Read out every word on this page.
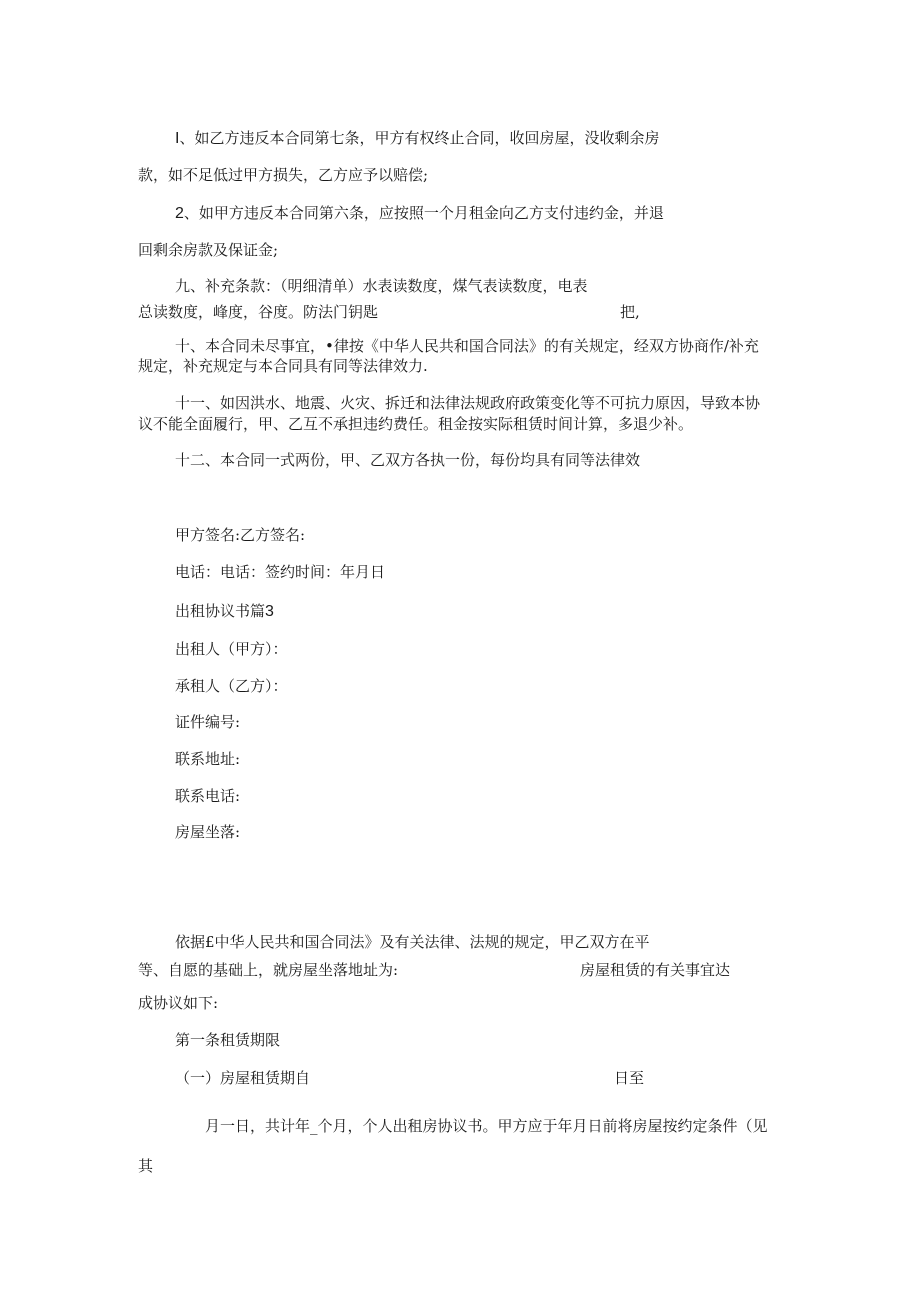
I、如乙方违反本合同第七条，甲方有权终止合同，收回房屋，没收剩余房
款，如不足低过甲方损失，乙方应予以赔偿;
2、如甲方违反本合同第六条，应按照一个月租金向乙方支付违约金，并退
回剩余房款及保证金;
九、补充条款：（明细清单）水表读数度，煤气表读数度，电表
总读数度，峰度，谷度。防法门钥匙	把,
十、本合同未尽事宜，•律按《中华人民共和国合同法》的有关规定，经双方协商作/补充
规定，补充规定与本合同具有同等法律效力.
十一、如因洪水、地震、火灾、拆迁和法律法规政府政策变化等不可抗力原因，导致本协
议不能全面履行，甲、乙互不承担违约费任。租金按实际租赁时间计算，多退少补。
十二、本合同一式两份，甲、乙双方各执一份，每份均具有同等法律效
甲方签名:乙方签名:
电话：电话：签约时间：年月日
出租协议书篇3
出租人（甲方）：
承租人（乙方）：
证件编号:
联系地址:
联系电话:
房屋坐落:
依据£中华人民共和国合同法》及有关法律、法规的规定，甲乙双方在平
等、自愿的基础上，就房屋坐落地址为:	房屋租赁的有关事宜达
成协议如下:
第一条租赁期限
（一）房屋租赁期自	日至
月一日，共计年_个月，个人出租房协议书。甲方应于年月日前将房屋按约定条件（见
其
